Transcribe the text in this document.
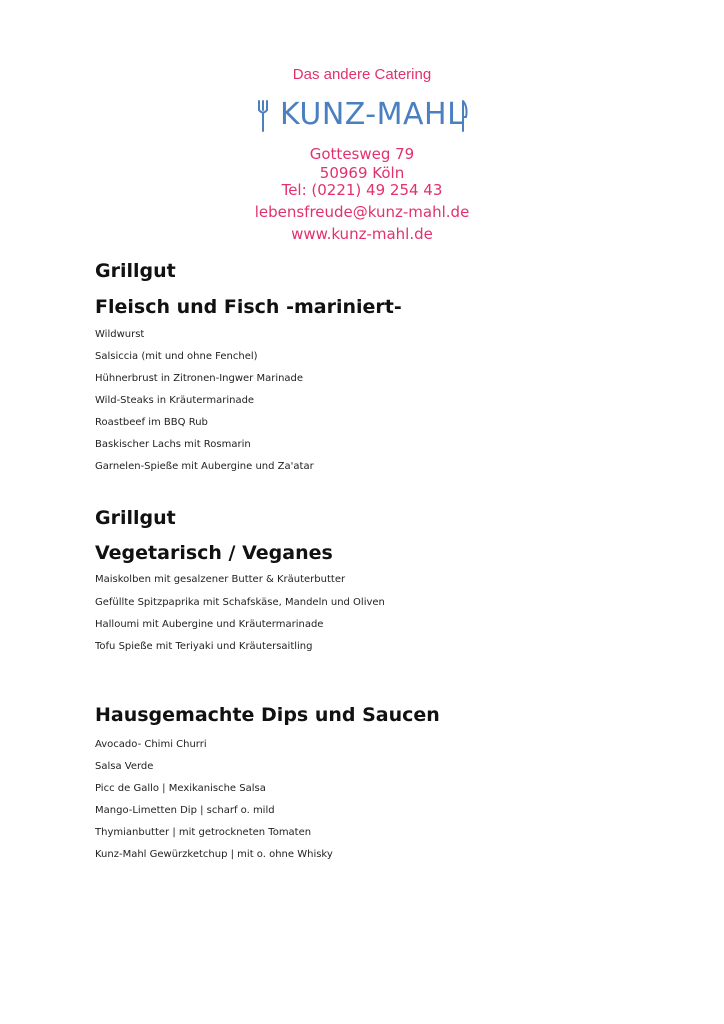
Das andere Catering
KUNZ-MAHL
Gottesweg 79
50969 Köln
Tel: (0221) 49 254 43
lebensfreude@kunz-mahl.de
www.kunz-mahl.de
Grillgut
Fleisch und Fisch -mariniert-
Wildwurst
Salsiccia (mit und ohne Fenchel)
Hühnerbrust in Zitronen-Ingwer Marinade
Wild-Steaks in Kräutermarinade
Roastbeef im BBQ Rub
Baskischer Lachs mit Rosmarin
Garnelen-Spieße mit Aubergine und Za'atar
Grillgut
Vegetarisch / Veganes
Maiskolben mit gesalzener Butter & Kräuterbutter
Gefüllte Spitzpaprika mit Schafskäse, Mandeln und Oliven
Halloumi mit Aubergine und Kräutermarinade
Tofu Spieße mit Teriyaki und Kräutersaitling
Hausgemachte Dips und Saucen
Avocado- Chimi Churri
Salsa Verde
Picc de Gallo | Mexikanische Salsa
Mango-Limetten Dip | scharf o. mild
Thymianbutter | mit getrockneten Tomaten
Kunz-Mahl Gewürzketchup | mit o. ohne Whisky
